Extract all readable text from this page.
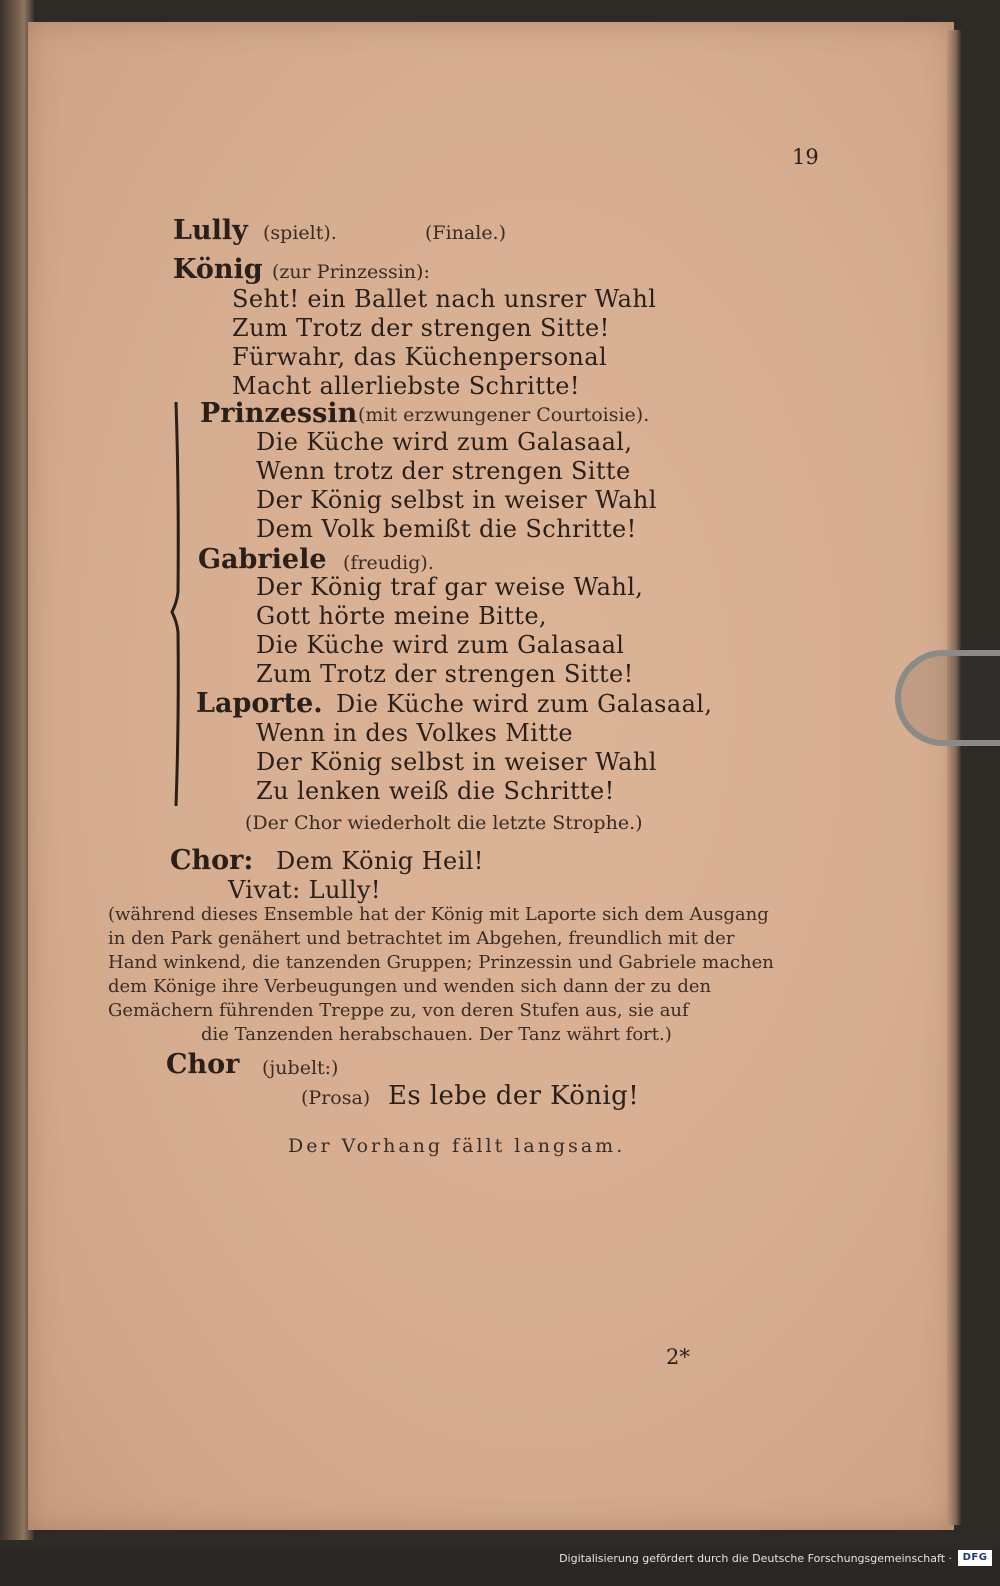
19
Lully (spielt).	(Finale.)
König (zur Prinzessin):
Seht! ein Ballet nach unsrer Wahl
Zum Trotz der strengen Sitte!
Fürwahr, das Küchenpersonal
Macht allerliebste Schritte!
Prinzessin (mit erzwungener Courtoisie).
Die Küche wird zum Galasaal,
Wenn trotz der strengen Sitte
Der König selbst in weiser Wahl
Dem Volk bemißt die Schritte!
Gabriele (freudig).
Der König traf gar weise Wahl,
Gott hörte meine Bitte,
Die Küche wird zum Galasaal
Zum Trotz der strengen Sitte!
Laporte. Die Küche wird zum Galasaal,
Wenn in des Volkes Mitte
Der König selbst in weiser Wahl
Zu lenken weiß die Schritte!
(Der Chor wiederholt die letzte Strophe.)
Chor: Dem König Heil!
Vivat: Lully!
(während dieses Ensemble hat der König mit Laporte sich dem Ausgang
in den Park genähert und betrachtet im Abgehen, freundlich mit der
Hand winkend, die tanzenden Gruppen; Prinzessin und Gabriele machen
dem Könige ihre Verbeugungen und wenden sich dann der zu den
Gemächern führenden Treppe zu, von deren Stufen aus, sie auf
die Tanzenden herabschauen. Der Tanz währt fort.)
Chor (jubelt:)
(Prosa) Es lebe der König!
Der Vorhang fällt langsam.
2*
Digitalisierung gefördert durch die Deutsche Forschungsgemeinschaft ·	DFG
